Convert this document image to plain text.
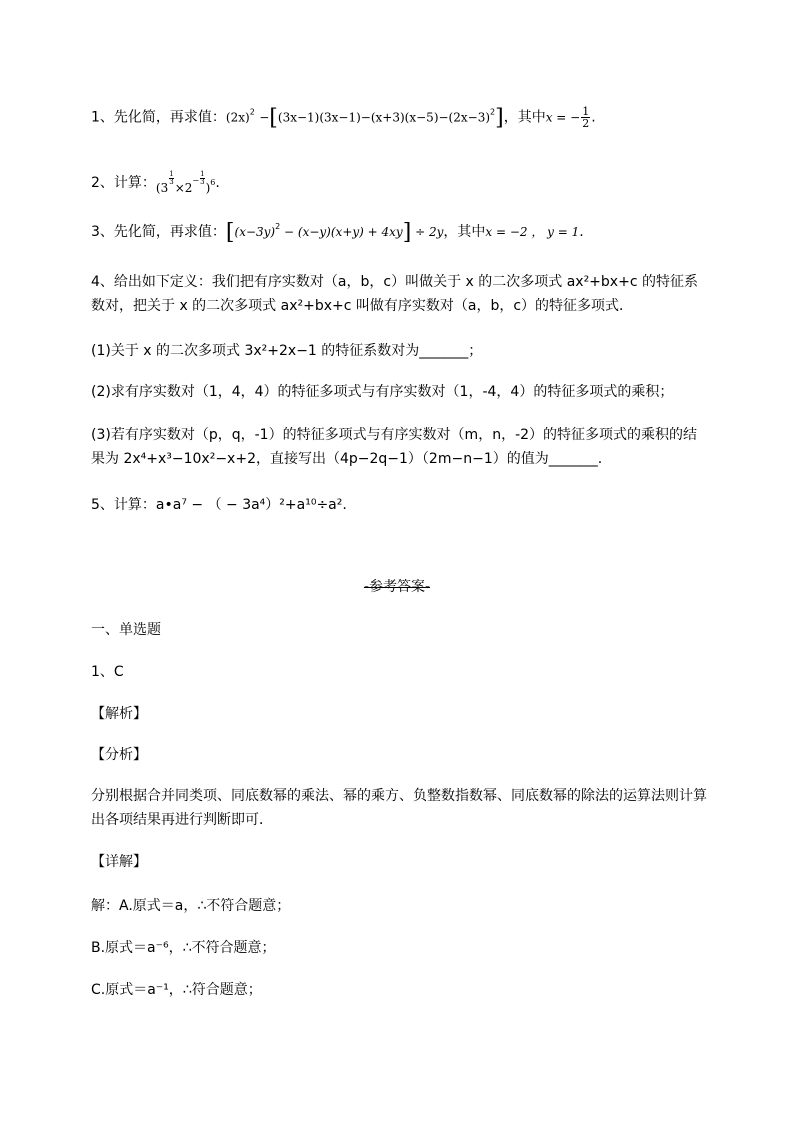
1、先化简，再求值：$(2x)^2 -[(3x-1)(3x-1)-(x+3)(x-5)-(2x-3)^2]$，其中x = − $\frac{1}{2}$ .
2、计算：(3
$\frac{1}{3}$
$\times 2^- \frac{1}{3}$
)$^6$.
3、先化简，再求值：$[(x-3y)^2 - (x-y)(x+y) + 4xy] \div 2y$，其中x = −2 ， y = 1.
4、给出如下定义：我们把有序实数对（a，b，c）叫做关于 x 的二次多项式 ax²+bx+c 的特征系数对，把关于 x 的二次多项式 ax²+bx+c 叫做有序实数对（a，b，c）的特征多项式．
(1)关于 x 的二次多项式 3x²+2x−1 的特征系数对为_______；
(2)求有序实数对（1，4，4）的特征多项式与有序实数对（1，-4，4）的特征多项式的乘积；
(3)若有序实数对（p，q，-1）的特征多项式与有序实数对（m，n，-2）的特征多项式的乘积的结果为 2x⁴+x³−10x²−x+2，直接写出（4p−2q−1）（2m−n−1）的值为_______.
5、计算：a•a⁷ − （ − 3a⁴）²+a¹⁰÷a².
-参考答案-
一、单选题
1、C
【解析】
【分析】
分别根据合并同类项、同底数幂的乘法、幂的乘方、负整数指数幂、同底数幂的除法的运算法则计算出各项结果再进行判断即可．
【详解】
解：A.原式＝a，∴不符合题意；
B.原式＝a⁻⁶，∴不符合题意；
C.原式＝a⁻¹，∴符合题意；
